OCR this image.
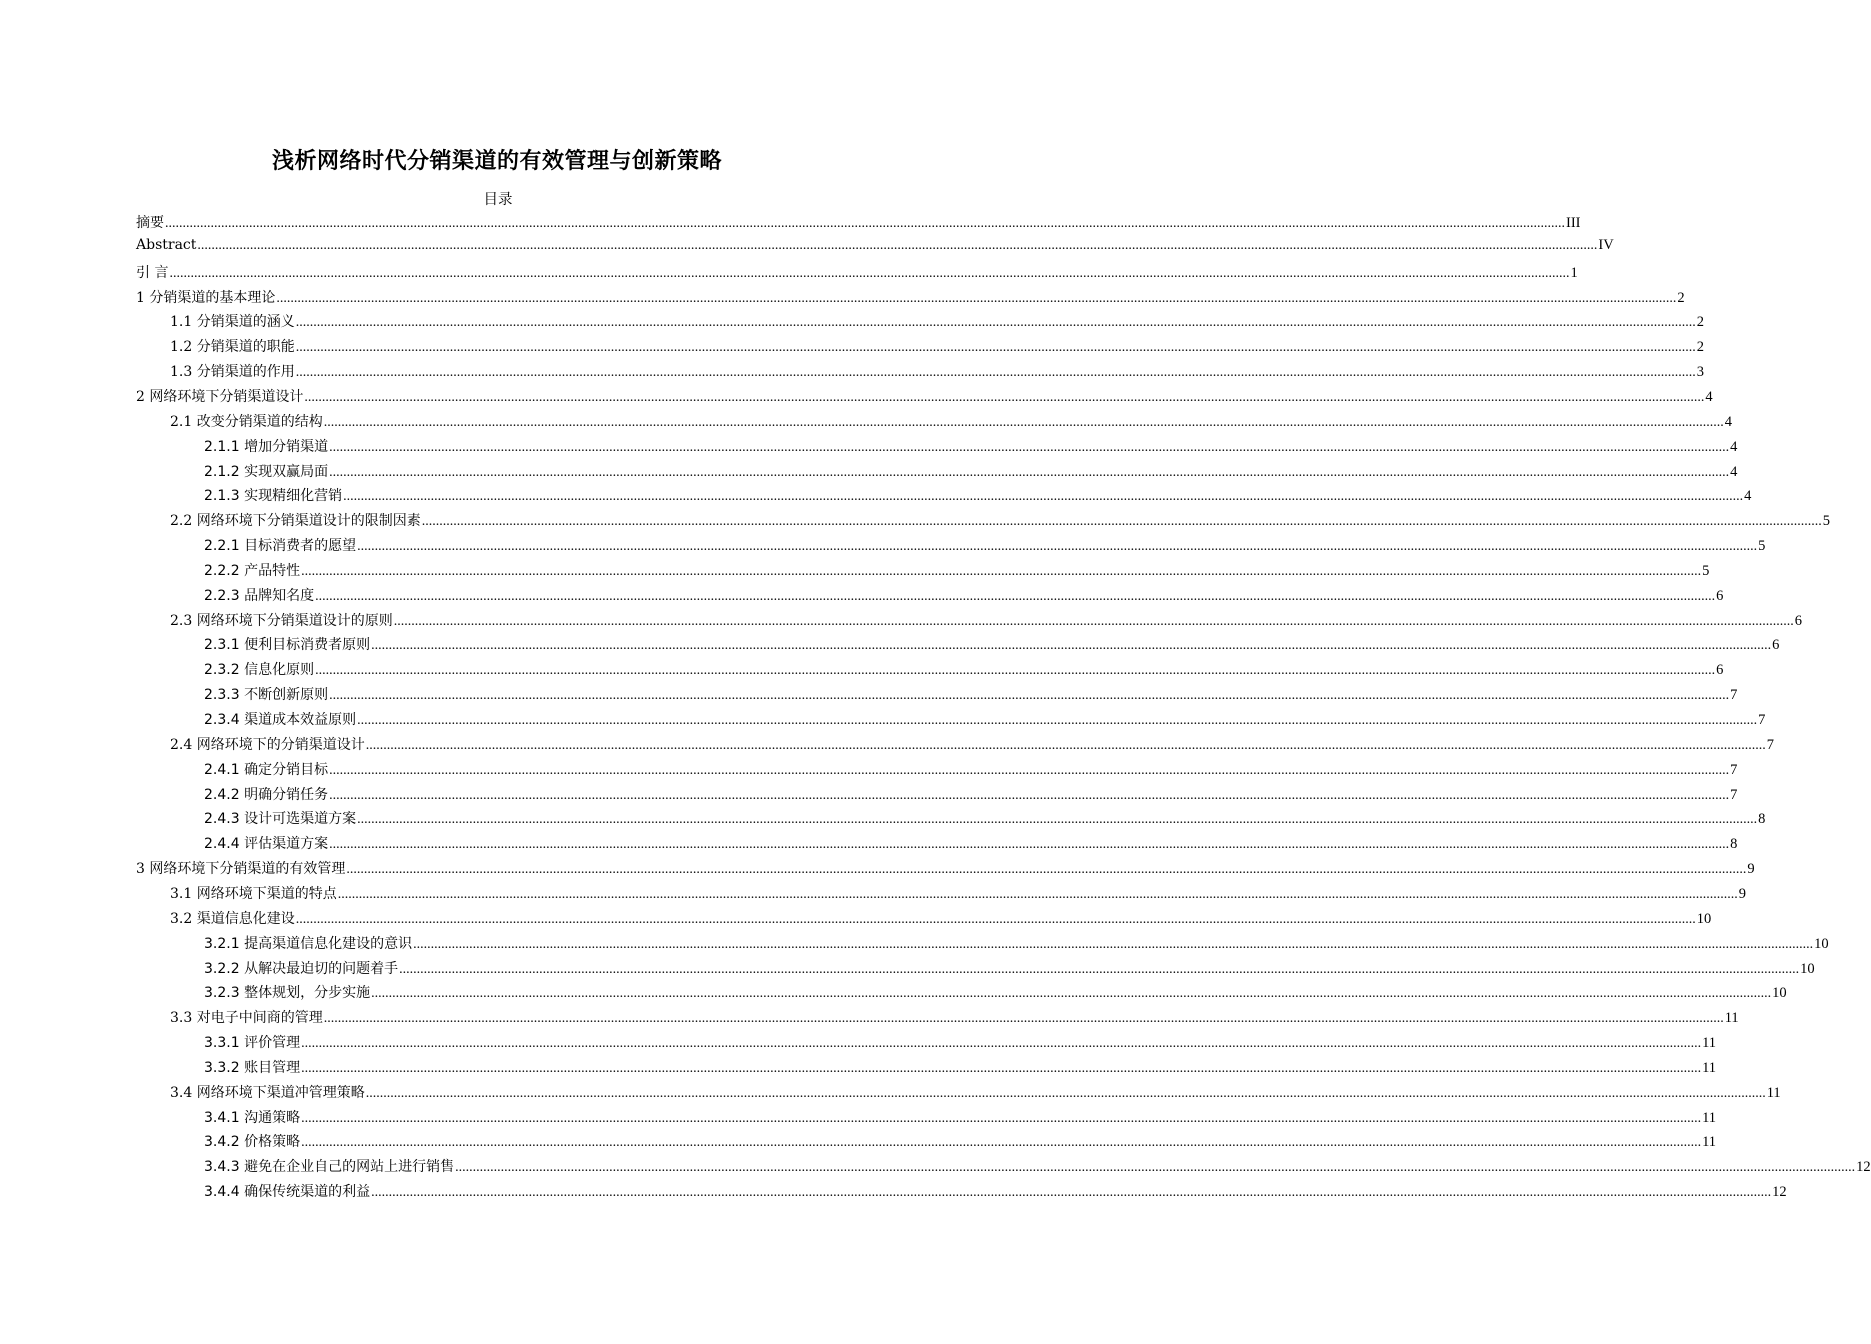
浅析网络时代分销渠道的有效管理与创新策略
目录
摘要 ................................................................................................................................................................................................................................................................................................................................................................................................................ III
Abstract ................................................................................................................................................................................................................................................................................................................................................................................................................ IV
引 言 ................................................................................................................................................................................................................................................................................................................................................................................................................ 1
1 分销渠道的基本理论 ................................................................................................................................................................................................................................................................................................................................................................................................................ 2
1.1 分销渠道的涵义 ................................................................................................................................................................................................................................................................................................................................................................................................................ 2
1.2 分销渠道的职能 ................................................................................................................................................................................................................................................................................................................................................................................................................ 2
1.3 分销渠道的作用 ................................................................................................................................................................................................................................................................................................................................................................................................................ 3
2 网络环境下分销渠道设计 ................................................................................................................................................................................................................................................................................................................................................................................................................ 4
2.1 改变分销渠道的结构 ................................................................................................................................................................................................................................................................................................................................................................................................................ 4
2.1.1 增加分销渠道 ................................................................................................................................................................................................................................................................................................................................................................................................................ 4
2.1.2 实现双赢局面 ................................................................................................................................................................................................................................................................................................................................................................................................................ 4
2.1.3 实现精细化营销 ................................................................................................................................................................................................................................................................................................................................................................................................................ 4
2.2 网络环境下分销渠道设计的限制因素 ................................................................................................................................................................................................................................................................................................................................................................................................................ 5
2.2.1 目标消费者的愿望 ................................................................................................................................................................................................................................................................................................................................................................................................................ 5
2.2.2 产品特性 ................................................................................................................................................................................................................................................................................................................................................................................................................ 5
2.2.3 品牌知名度 ................................................................................................................................................................................................................................................................................................................................................................................................................ 6
2.3 网络环境下分销渠道设计的原则 ................................................................................................................................................................................................................................................................................................................................................................................................................ 6
2.3.1 便利目标消费者原则 ................................................................................................................................................................................................................................................................................................................................................................................................................ 6
2.3.2 信息化原则 ................................................................................................................................................................................................................................................................................................................................................................................................................ 6
2.3.3 不断创新原则 ................................................................................................................................................................................................................................................................................................................................................................................................................ 7
2.3.4 渠道成本效益原则 ................................................................................................................................................................................................................................................................................................................................................................................................................ 7
2.4 网络环境下的分销渠道设计 ................................................................................................................................................................................................................................................................................................................................................................................................................ 7
2.4.1 确定分销目标 ................................................................................................................................................................................................................................................................................................................................................................................................................ 7
2.4.2 明确分销任务 ................................................................................................................................................................................................................................................................................................................................................................................................................ 7
2.4.3 设计可选渠道方案 ................................................................................................................................................................................................................................................................................................................................................................................................................ 8
2.4.4 评估渠道方案 ................................................................................................................................................................................................................................................................................................................................................................................................................ 8
3 网络环境下分销渠道的有效管理 ................................................................................................................................................................................................................................................................................................................................................................................................................ 9
3.1 网络环境下渠道的特点 ................................................................................................................................................................................................................................................................................................................................................................................................................ 9
3.2 渠道信息化建设 ................................................................................................................................................................................................................................................................................................................................................................................................................ 10
3.2.1 提高渠道信息化建设的意识 ................................................................................................................................................................................................................................................................................................................................................................................................................ 10
3.2.2 从解决最迫切的问题着手 ................................................................................................................................................................................................................................................................................................................................................................................................................ 10
3.2.3 整体规划，分步实施 ................................................................................................................................................................................................................................................................................................................................................................................................................ 10
3.3 对电子中间商的管理 ................................................................................................................................................................................................................................................................................................................................................................................................................ 11
3.3.1 评价管理 ................................................................................................................................................................................................................................................................................................................................................................................................................ 11
3.3.2 账目管理 ................................................................................................................................................................................................................................................................................................................................................................................................................ 11
3.4 网络环境下渠道冲管理策略 ................................................................................................................................................................................................................................................................................................................................................................................................................ 11
3.4.1 沟通策略 ................................................................................................................................................................................................................................................................................................................................................................................................................ 11
3.4.2 价格策略 ................................................................................................................................................................................................................................................................................................................................................................................................................ 11
3.4.3 避免在企业自己的网站上进行销售 ................................................................................................................................................................................................................................................................................................................................................................................................................ 12
3.4.4 确保传统渠道的利益 ................................................................................................................................................................................................................................................................................................................................................................................................................ 12
